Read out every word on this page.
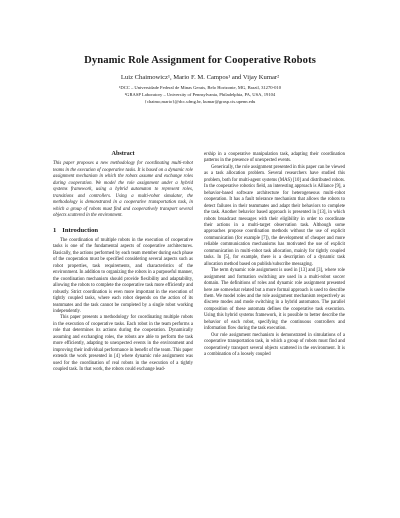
Dynamic Role Assignment for Cooperative Robots
Luiz Chaimowicz¹, Mario F. M. Campos¹ and Vijay Kumar²
¹DCC – Universidade Federal de Minas Gerais, Belo Horizonte, MG, Brazil, 31270-010
²GRASP Laboratory – University of Pennsylvania, Philadelphia, PA, USA, 19104
{chaimo,mario}@dcc.ufmg.br, kumar@grasp.cis.upenn.edu
Abstract

This paper proposes a new methodology for coordinating multi-robot teams in the execution of cooperative tasks. It is based on a dynamic role assignment mechanism in which the robots assume and exchange roles during cooperation. We model the role assignment under a hybrid systems framework, using a hybrid automaton to represent roles, transitions and controllers. Using a multi-robot simulator, the methodology is demonstrated in a cooperative transportation task, in which a group of robots must find and cooperatively transport several objects scattered in the environment.

1 Introduction

The coordination of multiple robots in the execution of cooperative tasks is one of the fundamental aspects of cooperative architectures. Basically, the actions performed by each team member during each phase of the cooperation must be specified considering several aspects such as robot properties, task requirements, and characteristics of the environment. In addition to organizing the robots in a purposeful manner, the coordination mechanism should provide flexibility and adaptability, allowing the robots to complete the cooperative task more efficiently and robustly. Strict coordination is even more important in the execution of tightly coupled tasks, where each robot depends on the action of its teammates and the task cannot be completed by a single robot working independently.

This paper presents a methodology for coordinating multiple robots in the execution of cooperative tasks. Each robot in the team performs a role that determines its actions during the cooperation. Dynamically assuming and exchanging roles, the robots are able to perform the task more efficiently, adapting to unexpected events in the environment and improving their individual performance in benefit of the team. This paper extends the work presented in [4] where dynamic role assignment was used for the coordination of real robots in the execution of a tightly coupled task. In that work, the robots could exchange lead-

ership in a cooperative manipulation task, adapting their coordination patterns in the presence of unexpected events.

Generically, the role assignment presented in this paper can be viewed as a task allocation problem. Several researchers have studied this problem, both for multi-agent systems (MAS) [10] and distributed robots. In the cooperative robotics field, an interesting approach is Alliance [9], a behavior-based software architecture for heterogeneous multi-robot cooperation. It has a fault tolerance mechanism that allows the robots to detect failures in their teammates and adapt their behaviors to complete the task. Another behavior based approach is presented in [13], in which robots broadcast messages with their eligibility in order to coordinate their actions in a multi-target observation task. Although some approaches propose coordination methods without the use of explicit communication (for example [7]), the development of cheaper and more reliable communication mechanisms has motivated the use of explicit communication in multi-robot task allocation, mainly for tightly coupled tasks. In [5], for example, there is a description of a dynamic task allocation method based on publish/subscribe messaging.

The term dynamic role assignment is used in [13] and [3], where role assignment and formation switching are used in a multi-robot soccer domain. The definitions of roles and dynamic role assignment presented here are somewhat related but a more formal approach is used to describe them. We model roles and the role assignment mechanism respectively as discrete modes and mode switching in a hybrid automaton. The parallel composition of these automata defines the cooperative task execution. Using this hybrid systems framework, it is possible to better describe the behavior of each robot, specifying the continuous controllers and information flow during the task execution.

Our role assignment mechanism is demonstrated in simulations of a cooperative transportation task, in which a group of robots must find and cooperatively transport several objects scattered in the environment. It is a combination of a loosely coupled
